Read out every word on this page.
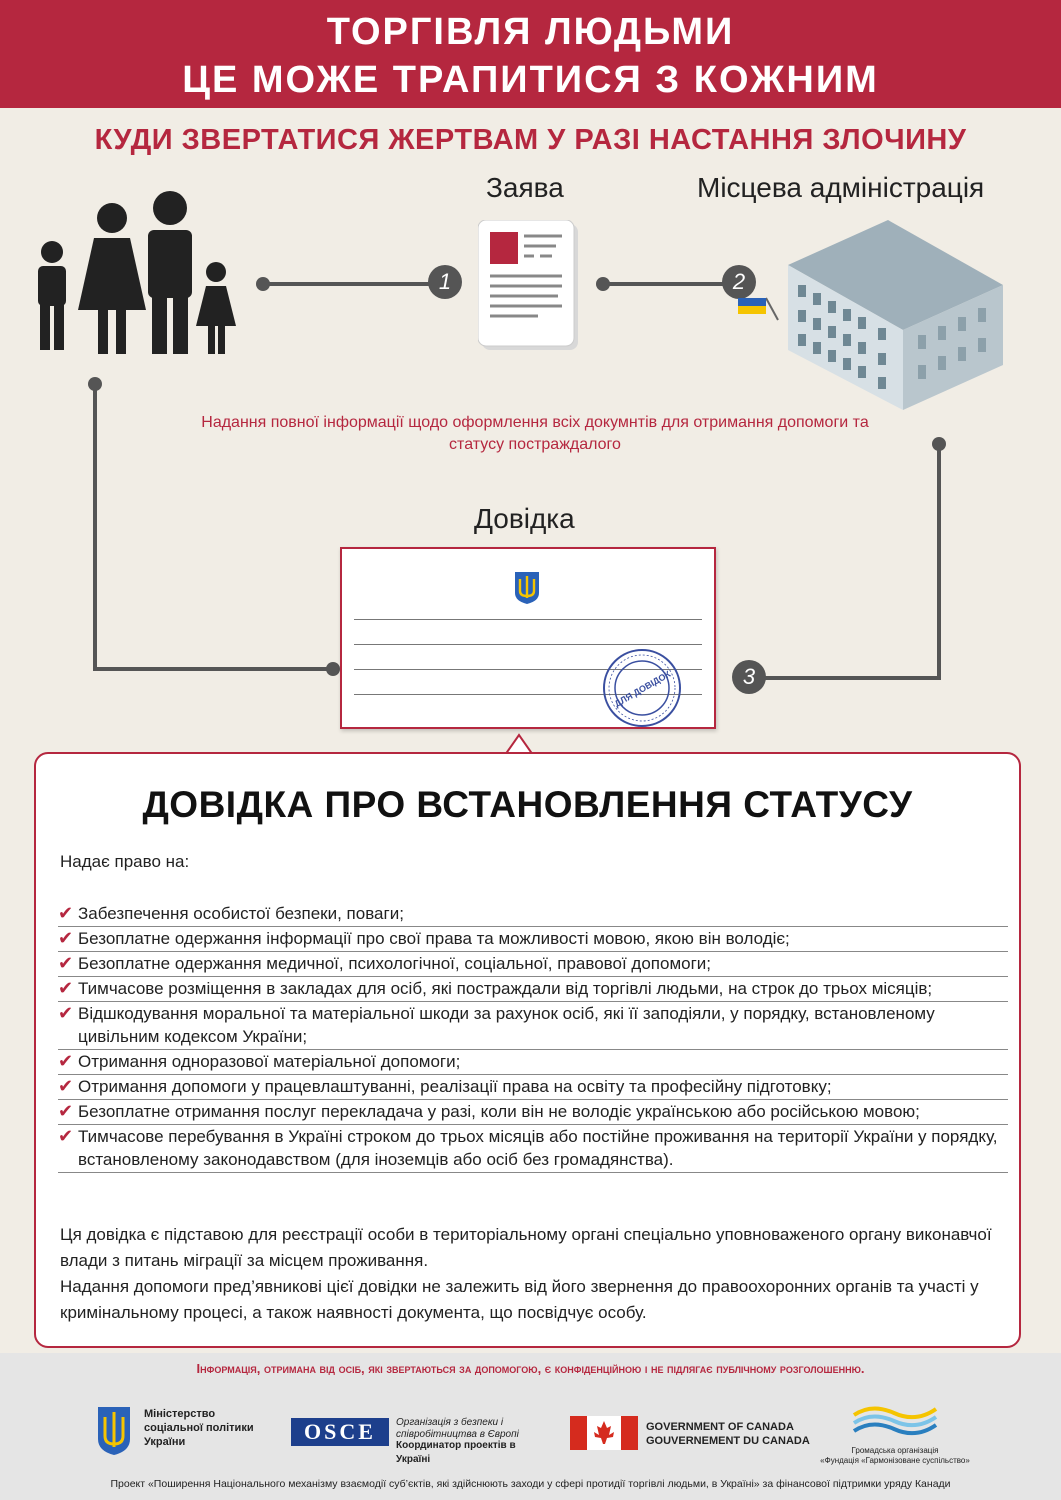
ТОРГІВЛЯ ЛЮДЬМИ
ЦЕ МОЖЕ ТРАПИТИСЯ З КОЖНИМ
КУДИ ЗВЕРТАТИСЯ ЖЕРТВАМ У РАЗІ НАСТАННЯ ЗЛОЧИНУ
Заява	Місцева адміністрація
Довідка
1	2
3
Надання повної інформації щодо оформлення всіх докумнтів для отримання допомоги та статусу постраждалого
ДЛЯ ДОВІДОК
ДОВІДКА ПРО ВСТАНОВЛЕННЯ СТАТУСУ
Надає право на:
✔ Забезпечення особистої безпеки, поваги;
✔ Безоплатне одержання інформації про свої права та можливості мовою, якою він володіє;
✔ Безоплатне одержання медичної, психологічної, соціальної, правової допомоги;
✔ Тимчасове розміщення в закладах для осіб, які постраждали від торгівлі людьми, на строк до трьох місяців;
✔ Відшкодування моральної та матеріальної шкоди за рахунок осіб, які її заподіяли, у порядку, встановленому цивільним кодексом України;
✔ Отримання одноразової матеріальної допомоги;
✔ Отримання допомоги у працевлаштуванні, реалізації права на освіту та професійну підготовку;
✔ Безоплатне отримання послуг перекладача у разі, коли він не володіє українською або російською мовою;
✔ Тимчасове перебування в Україні строком до трьох місяців або постійне проживання на території України у порядку, встановленому законодавством (для іноземців або осіб без громадянства).
Ця довідка є підставою для реєстрації особи в територіальному органі спеціально уповноваженого органу виконавчої влади з питань міграції за місцем проживання.
Надання допомоги пред’явникові цієї довідки не залежить від його звернення до правоохоронних органів та участі у кримінальному процесі, а також наявності документа, що посвідчує особу.
Інформація, отримана від осіб, які звертаються за допомогою, є конфіденційною і не підлягає публічному розголошенню.
Міністерство соціальної політики України	OSCE	Організація з безпеки і співробітництва в Європі
Координатор проектів в Україні
GOVERNMENT OF CANADA
GOUVERNEMENT DU CANADA
Громадська організація
«Фундація «Гармонізоване суспільство»
Проект «Поширення Національного механізму взаємодії суб’єктів, які здійснюють заходи у сфері протидії торгівлі людьми, в Україні» за фінансової підтримки уряду Канади
